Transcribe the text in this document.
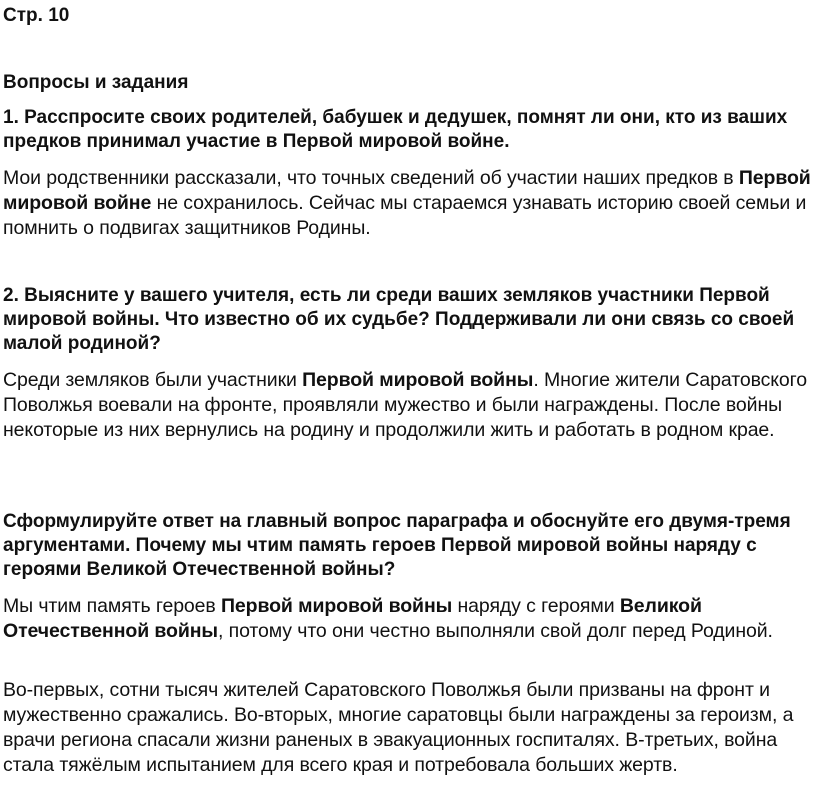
Стр. 10

Вопросы и задания

1. Расспросите своих родителей, бабушек и дедушек, помнят ли они, кто из ваших предков принимал участие в Первой мировой войне.

Мои родственники рассказали, что точных сведений об участии наших предков в Первой мировой войне не сохранилось. Сейчас мы стараемся узнавать историю своей семьи и помнить о подвигах защитников Родины.

2. Выясните у вашего учителя, есть ли среди ваших земляков участники Первой мировой войны. Что известно об их судьбе? Поддерживали ли они связь со своей малой родиной?

Среди земляков были участники Первой мировой войны. Многие жители Саратовского Поволжья воевали на фронте, проявляли мужество и были награждены. После войны некоторые из них вернулись на родину и продолжили жить и работать в родном крае.

Сформулируйте ответ на главный вопрос параграфа и обоснуйте его двумя-тремя аргументами. Почему мы чтим память героев Первой мировой войны наряду с героями Великой Отечественной войны?

Мы чтим память героев Первой мировой войны наряду с героями Великой Отечественной войны, потому что они честно выполняли свой долг перед Родиной.

Во-первых, сотни тысяч жителей Саратовского Поволжья были призваны на фронт и мужественно сражались. Во-вторых, многие саратовцы были награждены за героизм, а врачи региона спасали жизни раненых в эвакуационных госпиталях. В-третьих, война стала тяжёлым испытанием для всего края и потребовала больших жертв.
